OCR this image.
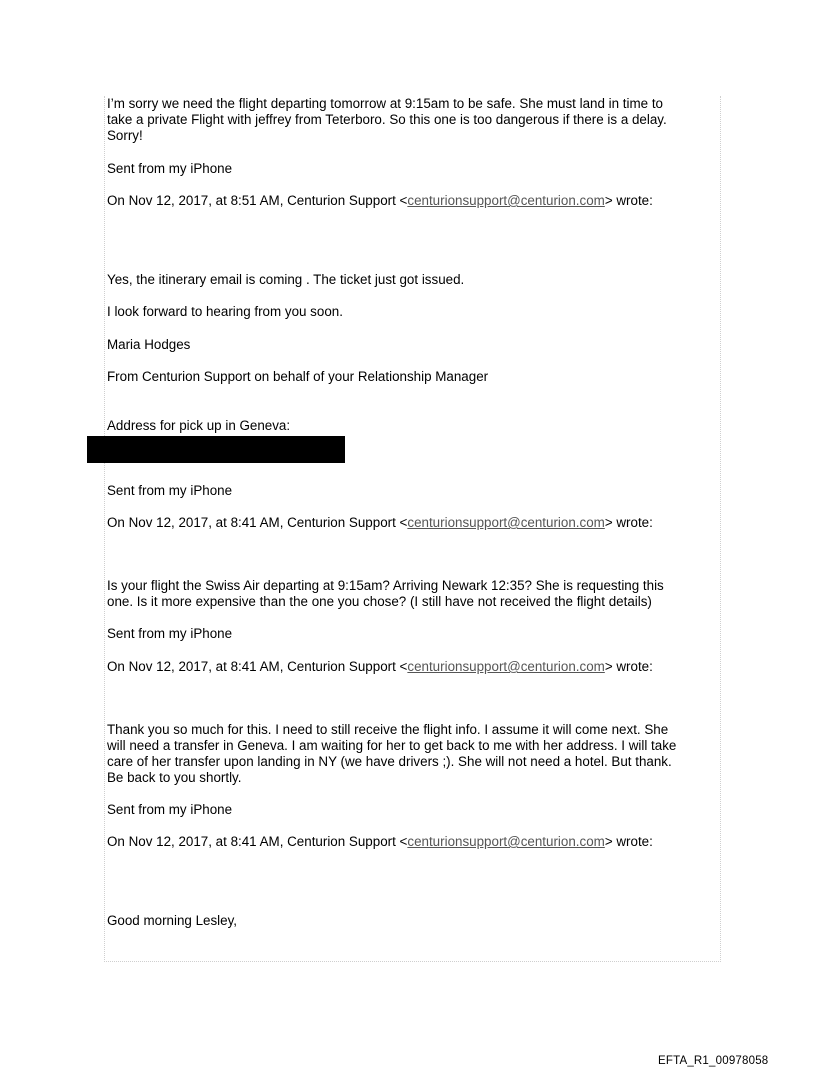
I’m sorry we need the flight departing tomorrow at 9:15am to be safe. She must land in time to

take a private Flight with jeffrey from Teterboro. So this one is too dangerous if there is a delay.

Sorry!

Sent from my iPhone

On Nov 12, 2017, at 8:51 AM, Centurion Support <centurionsupport@centurion.com> wrote:

Yes, the itinerary email is coming . The ticket just got issued.

I look forward to hearing from you soon.

Maria Hodges

From Centurion Support on behalf of your Relationship Manager

Address for pick up in Geneva:

Sent from my iPhone

On Nov 12, 2017, at 8:41 AM, Centurion Support <centurionsupport@centurion.com> wrote:

Is your flight the Swiss Air departing at 9:15am? Arriving Newark 12:35? She is requesting this

one. Is it more expensive than the one you chose? (I still have not received the flight details)

Sent from my iPhone

On Nov 12, 2017, at 8:41 AM, Centurion Support <centurionsupport@centurion.com> wrote:

Thank you so much for this. I need to still receive the flight info. I assume it will come next. She

will need a transfer in Geneva. I am waiting for her to get back to me with her address. I will take

care of her transfer upon landing in NY (we have drivers ;). She will not need a hotel. But thank.

Be back to you shortly.

Sent from my iPhone

On Nov 12, 2017, at 8:41 AM, Centurion Support <centurionsupport@centurion.com> wrote:

Good morning Lesley,

EFTA_R1_00978058
